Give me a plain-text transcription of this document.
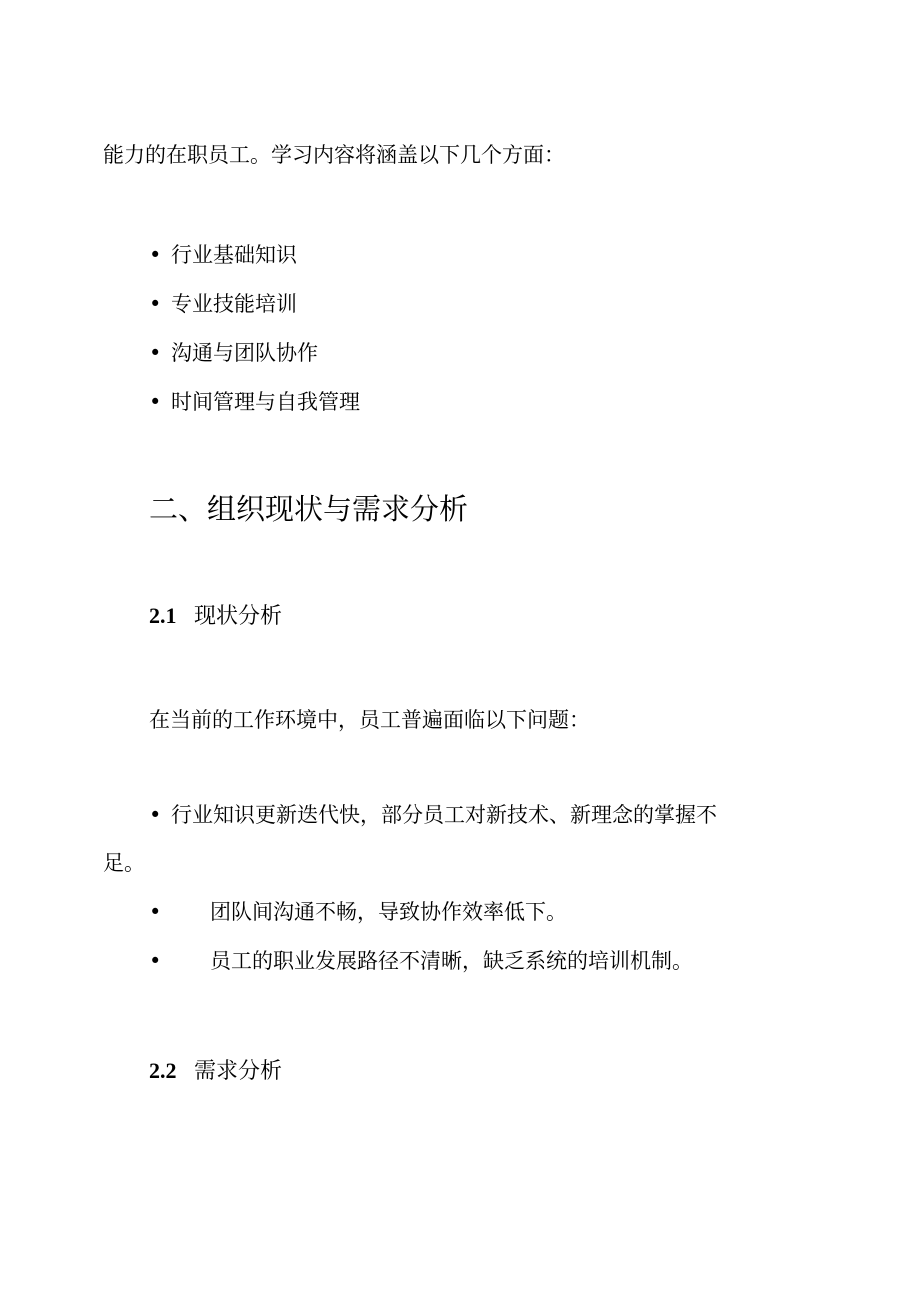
能力的在职员工。学习内容将涵盖以下几个方面：
• 行业基础知识
• 专业技能培训
• 沟通与团队协作
• 时间管理与自我管理
二、组织现状与需求分析
2.1 现状分析
在当前的工作环境中，员工普遍面临以下问题：
• 行业知识更新迭代快，部分员工对新技术、新理念的掌握不
足。
• 团队间沟通不畅，导致协作效率低下。
• 员工的职业发展路径不清晰，缺乏系统的培训机制。
2.2 需求分析
